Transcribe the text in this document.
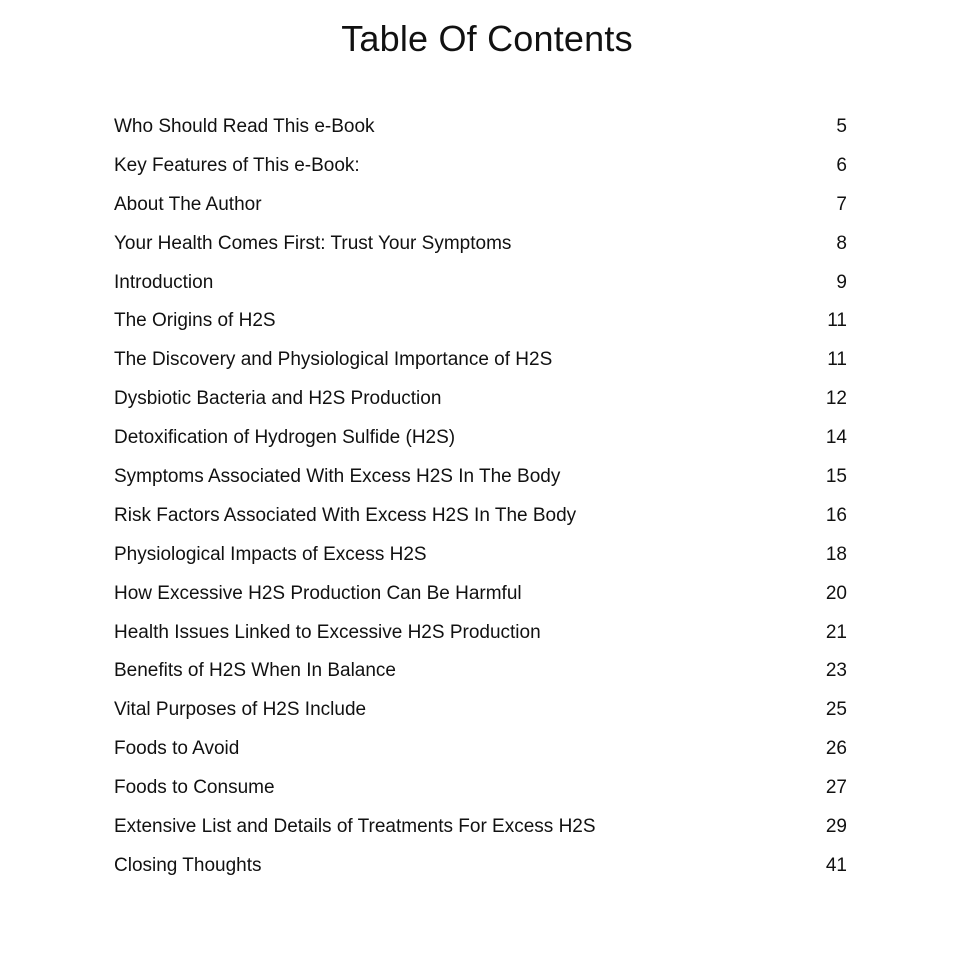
Table Of Contents
Who Should Read This e-Book	5
Key Features of This e-Book:	6
About The Author	7
Your Health Comes First: Trust Your Symptoms	8
Introduction	9
The Origins of H2S	11
The Discovery and Physiological Importance of H2S	11
Dysbiotic Bacteria and H2S Production	12
Detoxification of Hydrogen Sulfide (H2S)	14
Symptoms Associated With Excess H2S In The Body	15
Risk Factors Associated With Excess H2S In The Body	16
Physiological Impacts of Excess H2S	18
How Excessive H2S Production Can Be Harmful	20
Health Issues Linked to Excessive H2S Production	21
Benefits of H2S When In Balance	23
Vital Purposes of H2S Include	25
Foods to Avoid	26
Foods to Consume	27
Extensive List and Details of Treatments For Excess H2S	29
Closing Thoughts	41
